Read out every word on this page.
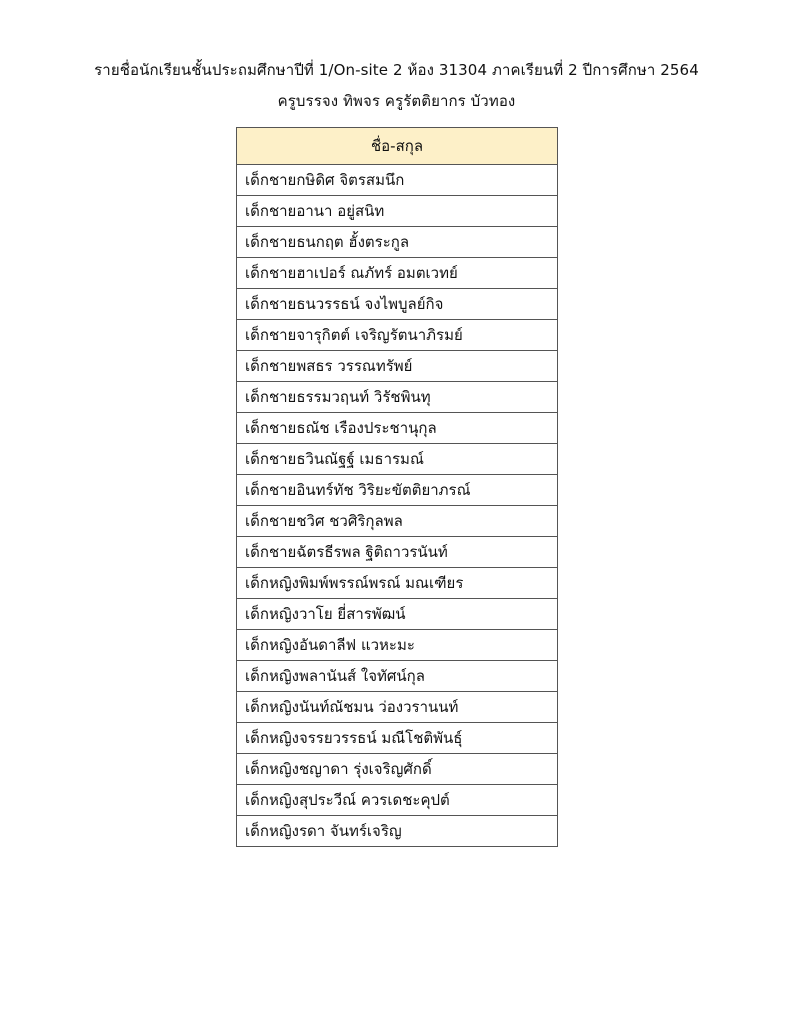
รายชื่อนักเรียนชั้นประถมศึกษาปีที่ 1/On-site 2 ห้อง 31304 ภาคเรียนที่ 2 ปีการศึกษา 2564
ครูบรรจง ทิพจร ครูรัตติยากร บัวทอง
ชื่อ-สกุล
เด็กชายกษิดิศ จิตรสมนึก
เด็กชายอานา อยู่สนิท
เด็กชายธนกฤต ฮั้งตระกูล
เด็กชายฮาเปอร์ ณภัทร์ อมตเวทย์
เด็กชายธนวรรธน์ จงไพบูลย์กิจ
เด็กชายจารุกิตต์ เจริญรัตนาภิรมย์
เด็กชายพสธร วรรณทรัพย์
เด็กชายธรรมวฤนท์ วิรัชพินทุ
เด็กชายธณัช เรืองประชานุกุล
เด็กชายธวินณัฐฐ์ เมธารมณ์
เด็กชายอินทร์ทัช วิริยะขัตติยาภรณ์
เด็กชายชวิศ ชวศิริกุลพล
เด็กชายฉัตรธีรพล ฐิติถาวรนันท์
เด็กหญิงพิมพ์พรรณ์พรณ์ มณเฑียร
เด็กหญิงวาโย ยี่สารพัฒน์
เด็กหญิงอันดาลีฟ แวหะมะ
เด็กหญิงพลานันส์ ใจทัศน์กุล
เด็กหญิงนันท์ณัชมน ว่องวรานนท์
เด็กหญิงจรรยวรรธน์ มณีโชติพันธุ์
เด็กหญิงชญาดา รุ่งเจริญศักดิ์
เด็กหญิงสุประวีณ์ ควรเดชะคุปต์
เด็กหญิงรดา จันทร์เจริญ
